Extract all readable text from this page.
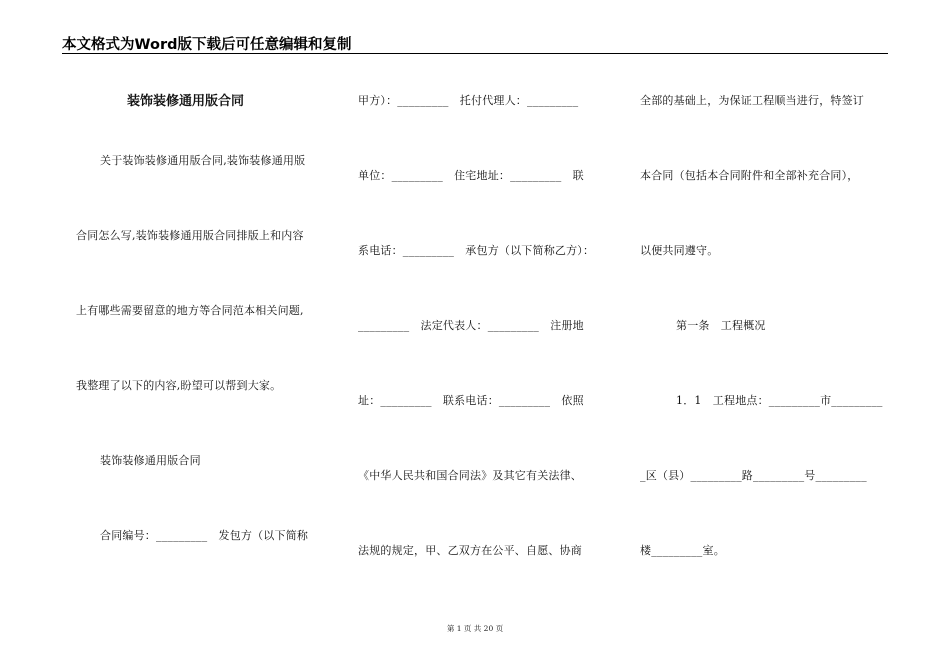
本文格式为Word版下载后可任意编辑和复制
装饰装修通用版合同
关于装饰装修通用版合同,装饰装修通用版
合同怎么写,装饰装修通用版合同排版上和内容
上有哪些需要留意的地方等合同范本相关问题,
我整理了以下的内容,盼望可以帮到大家。
装饰装修通用版合同
合同编号：_________　发包方（以下简称
甲方）：_________　托付代理人：_________
单位：_________　住宅地址：_________　联
系电话：_________　承包方（以下简称乙方）：
_________　法定代表人：_________　注册地
址：_________　联系电话：_________　依照
《中华人民共和国合同法》及其它有关法律、
法规的规定，甲、乙双方在公平、自愿、协商
全部的基础上，为保证工程顺当进行，特签订
本合同（包括本合同附件和全部补充合同），
以便共同遵守。
第一条　工程概况
1．1　工程地点：_________市_________
_区（县）_________路_________号_________
楼_________室。
第 1 页 共 20 页
